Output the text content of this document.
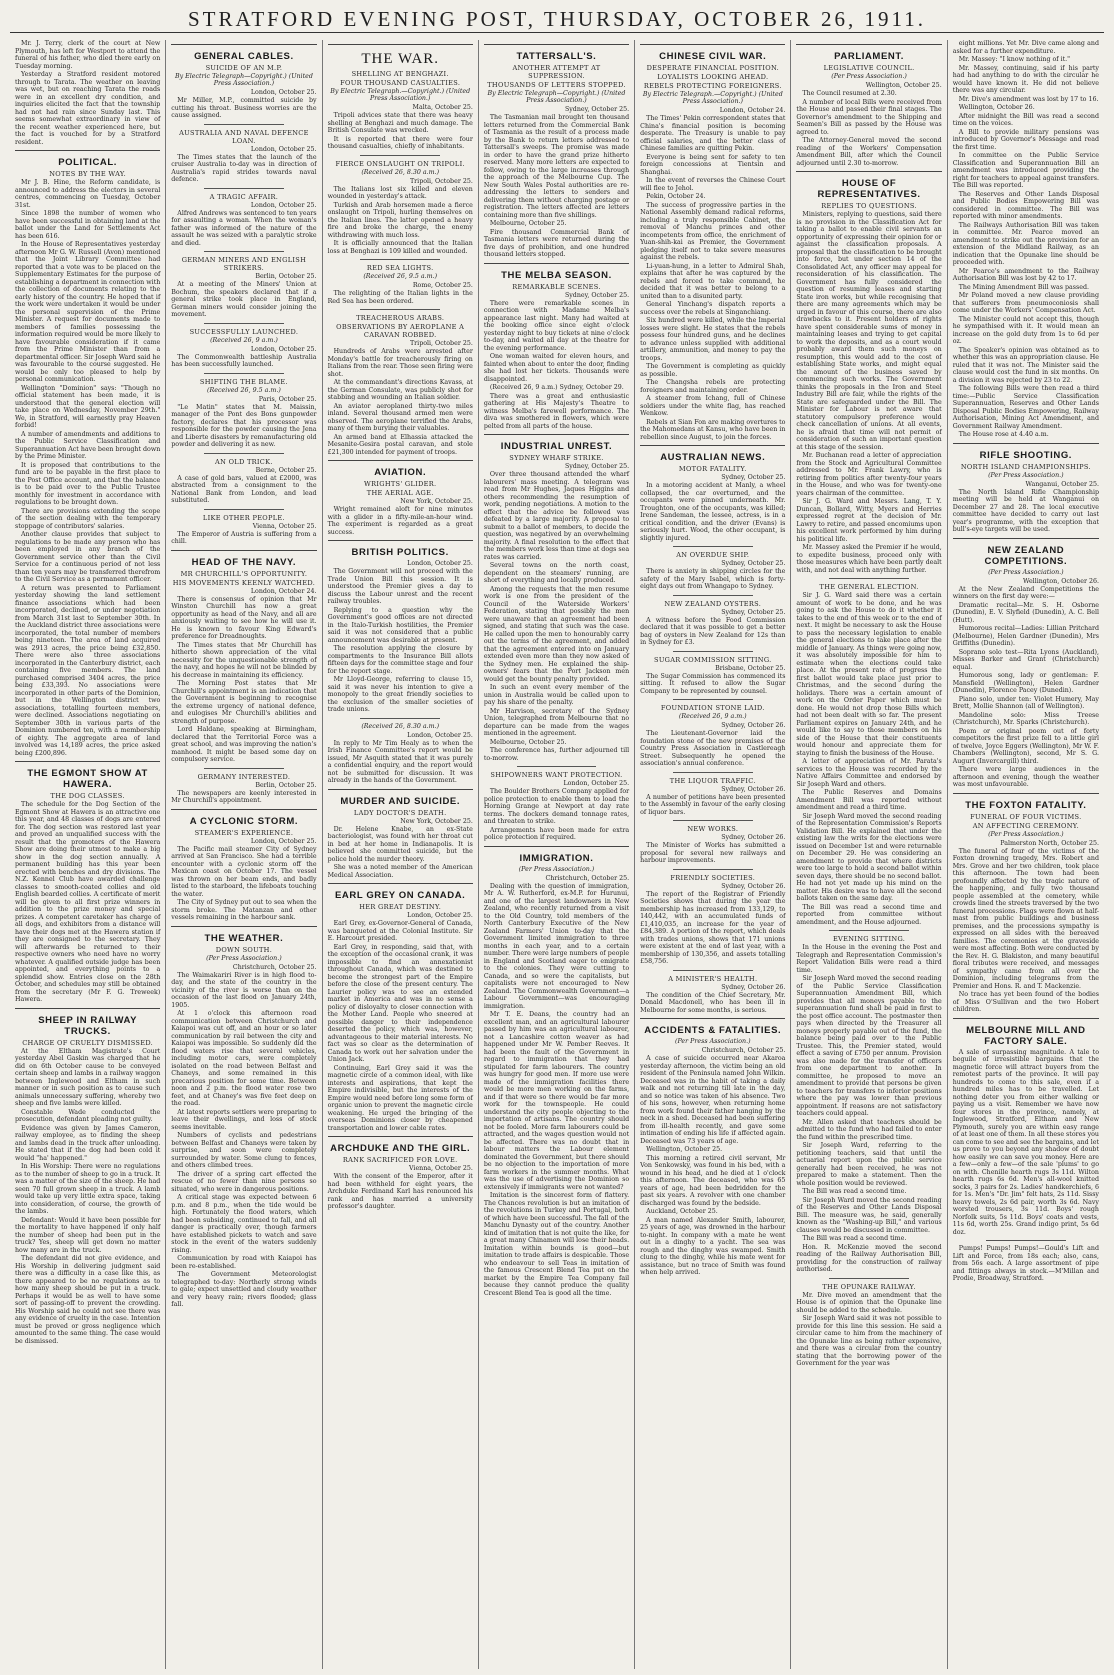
STRATFORD EVENING POST, THURSDAY, OCTOBER 26, 1911.

Mr. J. Terry, clerk of the court at New Plymouth, has left for Westport to attend the funeral of his father, who died there early on Tuesday morning.

Yesterday a Stratford resident motored through to Tarata. The weather on leaving was wet, but on reaching Tarata the roads were in an excellent dry condition, and inquiries elicited the fact that the township had not had rain since Sunday last. This seems somewhat extraordinary in view of the recent weather experienced here, but the fact is vouched for by a Stratford resident.

POLITICAL.
NOTES BY THE WAY.

Mr J. B. Hine, the Reform candidate, is announced to address the electors in several centres, commencing on Tuesday, October 31st.

Since 1898 the number of women who have been successful in obtaining land at the ballot under the Land for Settlements Act has been 616.

In the House of Representatives yesterday afternoon Mr G. W. Russell (Avon) mentioned that the Joint Library Committee had reported that a vote was to be placed on the Supplementary Estimates for the purpose of establishing a department in connection with the collection of documents relating to the early history of the country. He hoped that if the work were undertaken it would be under the personal supervision of the Prime Minister. A request for documents made to members of families possessing the information required would be more likely to have favourable consideration if it came from the Prime Minister than from a departmental officer. Sir Joseph Ward said he was favourable to the course suggested. He would be only too pleased to help by personal communication.

Wellington "Dominion" says: "Though no official statement has been made, it is understood that the general election will take place on Wednesday, November 29th." We, in Stratford, will earnestly pray Heaven forbid!

A number of amendments and additions to the Public Service Classification and Superannuation Act have been brought down by the Prime Minister.

It is proposed that contributions to the fund are to be payable in the first place to the Post Office account, and that the balance is to be paid over to the Public Trustee monthly for investment in accordance with regulations to be brought down.

There are provisions extending the scope of the section dealing with the temporary stoppage of contributors' salaries.

Another clause provides that subject to regulations to be made any person who has been employed in any branch of the Government service other than the Civil Service for a continuous period of not less than ten years may be transferred therefrom to the Civil Service as a permanent officer.

A return was presented to Parliament yesterday showing the land settlement finance associations which had been incorporated, declined, or under negotiation from March 31st last to September 30th. In the Auckland district three associations were incorporated, the total number of members being nineteen. The area of land acquired was 2913 acres, the price being £32,850. There were also three associations incorporated in the Canterbury district, each containing five members. The land purchased comprised 3404 acres, the price being £33,393. No associations were incorporated in other parts of the Dominion, but in the Wellington district two associations, totalling fourteen members, were declined. Associations negotiating on September 30th in various parts of the Dominion numbered ten, with a membership of eighty. The aggregate area of land involved was 14,189 acres, the price asked being £200,896.

THE EGMONT SHOW AT HAWERA.
THE DOG CLASSES.

The schedule for the Dog Section of the Egmont Show at Hawera is an attractive one this year, and 48 classes of dogs are entered for. The dog section was restored last year and proved an unqualified success with the result that the promoters of the Hawera Show are doing their utmost to make a big show in the dog section annually. A permanent building has this year been erected with benches and dry divisions. The N.Z. Kennel Club have awarded challenge classes to smooth-coated collies and old English bearded collies. A certificate of merit will be given to all first prize winners in addition to the prize money and special prizes. A competent caretaker has charge of all dogs, and exhibitors from a distance will have their dogs met at the Hawera station if they are consigned to the secretary. They will afterwards be returned to their respective owners who need have no worry whatever. A qualified outside judge has been appointed, and everything points to a splendid show. Entries close on the 28th October, and schedules may still be obtained from the secretary (Mr F. G. Treweek) Hawera.

SHEEP IN RAILWAY TRUCKS.
CHARGE OF CRUELTY DISMISSED.

At the Eltham Magistrate's Court yesterday Abel Gaskin was charged that he did on 6th October cause to be conveyed certain sheep and lambs in a railway waggon between Inglewood and Eltham in such manner or in such position as to cause such animals unnecessary suffering, whereby two sheep and five lambs were killed.

Constable Wade conducted the prosecution, defendant pleading not guilty.

Evidence was given by James Cameron, railway employee, as to finding the sheep and lambs dead in the truck after unloading. He stated that if the dog had been cold it would "ha' happened."

In His Worship: There were no regulations as to the number of sheep to go in a truck. It was a matter of the size of the sheep. He had seen 70 full grown sheep in a truck. A lamb would take up very little extra space, taking into consideration, of course, the growth of the lambs.

Defendant: Would it have been possible for the mortality to have happened if only half the number of sheep had been put in the truck? Yes, sheep will get down no matter how many are in the truck.

The defendant did not give evidence, and His Worship in delivering judgment said there was a difficulty in a case like this, as there appeared to be no regulations as to how many sheep should be put in a truck. Perhaps it would be as well to have some sort of passing-off to prevent the crowding. His Worship said he could not see there was any evidence of cruelty in the case. Intention must be proved or gross negligence which amounted to the same thing. The case would be dismissed.

GENERAL CABLES.
SUICIDE OF AN M.P.
By Electric Telegraph—Copyright.) (United Press Association.)
London, October 25.

Mr Miller, M.P., committed suicide by cutting his throat. Business worries are the cause assigned.

AUSTRALIA AND NAVAL DEFENCE LOAN.
London, October 25.

The Times states that the launch of the cruiser Australia to-day was in direction of Australia's rapid strides towards naval defence.

A TRAGIC AFFAIR.
London, October 25.

Alfred Andrews was sentenced to ten years for assaulting a woman. When the woman's father was informed of the nature of the assault he was seized with a paralytic stroke and died.

GERMAN MINERS AND ENGLISH STRIKERS.
Berlin, October 25.

At a meeting of the Miners' Union at Bochum, the speakers declared that if a general strike took place in England, German miners would consider joining the movement.

SUCCESSFULLY LAUNCHED.
(Received 26, 9 a.m.)
London, October 25.

The Commonwealth battleship Australia has been successfully launched.

SHIFTING THE BLAME.
(Received 26, 9.5 a.m.)
Paris, October 25.

"Le Matin" states that M. Maissin, manager of the Pont des Bons gunpowder factory, declares that his processor was responsible for the powder causing the Jena and Liberte disasters by remanufacturing old powder and delivering it as new.

AN OLD TRICK.
Berne, October 25.

A case of gold bars, valued at £2000, was abstracted from a consignment to the National Bank from London, and lead substituted.

LIKE OTHER PEOPLE.
Vienna, October 25.

The Emperor of Austria is suffering from a chill.

HEAD OF THE NAVY.
MR CHURCHILL'S OPPORTUNITY.
HIS MOVEMENTS KEENLY WATCHED.
London, October 24.

There is consensus of opinion that Mr Winston Churchill has now a great opportunity as head of the Navy, and all are anxiously waiting to see how he will use it. He is known to favour King Edward's preference for Dreadnoughts.

The Times states that Mr Churchill has hitherto shown appreciation of the vital necessity for the unquestionable strength of the navy, and hopes he will not be blinded by his decrease in maintaining its efficiency.

The Morning Post states that Mr Churchill's appointment is an indication that the Government is beginning to recognise the extreme urgency of national defence, and eulogises Mr Churchill's abilities and strength of purpose.

Lord Haldane, speaking at Birmingham, declared that the Territorial Force was a great school, and was improving the nation's manhood. It might be based some day on compulsory service.

GERMANY INTERESTED.
Berlin, October 25.

The newspapers are keenly interested in Mr Churchill's appointment.

A CYCLONIC STORM.
STEAMER'S EXPERIENCE.
London, October 25.

The Pacific mail steamer City of Sydney arrived at San Francisco. She had a terrible encounter with a cyclonic storm off the Mexican coast on October 17. The vessel was thrown on her beam ends, and badly listed to the starboard, the lifeboats touching the water.

The City of Sydney put out to sea when the storm broke. The Matanzan and other vessels remaining in the harbour sank.

THE WEATHER.
DOWN SOUTH.
(Per Press Association.)
Christchurch, October 25.

The Waimakariri River is in high flood to-day, and the state of the country in the vicinity of the river is worse than on the occasion of the last flood on January 24th, 1905.

At 1 o'clock this afternoon road communication between Christchurch and Kaiapoi was cut off, and an hour or so later communication by rail between the city and Kaiapoi was impossible. So suddenly did the flood waters rise that several vehicles, including motor cars, were completely isolated on the road between Belfast and Chaneys, and some remained in this precarious position for some time. Between noon and 2 p.m. the flood water rose two feet, and at Chaney's was five feet deep on the road.

At latest reports settlers were preparing to leave their dwellings, and loss of stock seems inevitable.

Numbers of cyclists and pedestrians between Belfast and Chaneys were taken by surprise, and soon were completely surrounded by water. Some clung to fences, and others climbed trees.

The driver of a spring cart effected the rescue of no fewer than nine persons so situated, who were in dangerous positions.

A critical stage was expected between 6 p.m. and 8 p.m., when the tide would be high. Fortunately the flood waters, which had been subsiding, continued to fall, and all danger is practically over, though farmers have established pickets to watch and save stock in the event of the waters suddenly rising.

Communication by road with Kaiapoi has been re-established.

The Government Meteorologist telegraphed to-day: Northerly strong winds to gale; expect unsettled and cloudy weather and very heavy rain; rivers flooded; glass fall.

THE WAR.
SHELLING AT BENGHAZI.
FOUR THOUSAND CASUALTIES.
By Electric Telegraph.—Copyright.) (United Press Association.)
Malta, October 25.

Tripoli advices state that there was heavy shelling at Benghazi and much damage. The British Consulate was wrecked.

It is reported that there were four thousand casualties, chiefly of inhabitants.

FIERCE ONSLAUGHT ON TRIPOLI.
(Received 26, 8.30 a.m.)
Tripoli, October 25.

The Italians lost six killed and eleven wounded in yesterday's attack.

Turkish and Arab horsemen made a fierce onslaught on Tripoli, hurling themselves on the Italian lines. The latter opened a heavy fire and broke the charge, the enemy withdrawing with much loss.

It is officially announced that the Italian loss at Benghazi is 109 killed and wounded.

RED SEA LIGHTS.
(Received 26, 9.5 a.m.)
Rome, October 25.

The relighting of the Italian lights in the Red Sea has been ordered.

TREACHEROUS ARABS.
OBSERVATIONS BY AEROPLANE A CARAVAN ROBBED.
Tripoli, October 25.

Hundreds of Arabs were arrested after Monday's battle for treacherously firing on Italians from the rear. Those seen firing were shot.

At the commandant's directions Kavass, at the German Consulate, was publicly shot for stabbing and wounding an Italian soldier.

An aviator aeroplaned thirty-two miles inland. Several thousand armed men were observed. The aeroplane terrified the Arabs, many of them burying their valuables.

An armed band at Elhassia attacked the Mesanite-Gesira postal caravan, and stole £21,300 intended for payment of troops.

AVIATION.
WRIGHTS' GLIDER.
THE AERIAL AGE.
New York, October 25.

Wright remained aloft for nine minutes with a glider in a fifty-mile-an-hour wind. The experiment is regarded as a great success.

BRITISH POLITICS.
London, October 25.

The Government will not proceed with the Trade Union Bill this session. It is understood the Premier gives a day to discuss the Labour unrest and the recent railway troubles.

Replying to a question why the Government's good offices are not directed in the Italo-Turkish hostilities, the Premier said it was not considered that a public announcement was desirable at present.

The resolution applying the closure by compartments to the Insurance Bill allots fifteen days for the committee stage and four for the report stage.

Mr Lloyd-George, referring to clause 15, said it was never his intention to give a monopoly to the great friendly societies to the exclusion of the smaller societies of trade unions.

(Received 26, 8.30 a.m.)
London, October 25.

In reply to Mr Tim Healy as to when the Irish Finance Committee's report would be issued, Mr Asquith stated that it was purely a confidential enquiry, and the report would not be submitted for discussion. It was already in the hands of the Government.

MURDER AND SUICIDE.
LADY DOCTOR'S DEATH.
New York, October 25.

Dr. Helene Knabe, an ex-State bacteriologist, was found with her throat cut in bed at her home in Indianapolis. It is believed she committed suicide, but the police hold the murder theory.

She was a noted member of the American Medical Association.

EARL GREY ON CANADA.
HER GREAT DESTINY.
London, October 25.

Earl Grey, ex-Governor-General of Canada, was banqueted at the Colonial Institute. Sir E. Harcourt presided.

Earl Grey, in responding, said that, with the exception of the occasional crank, it was impossible to find an annexationist throughout Canada, which was destined to become the strongest part of the Empire before the close of the present century. The Laurier policy was to see an extended market in America and was in no sense a policy of disloyalty to closer connection with the Mother Land. People who sneered at possible danger to their independence deserted the policy, which was, however, advantageous to their material interests. No fact was so clear as the determination of Canada to work out her salvation under the Union Jack.

Continuing, Earl Grey said it was the magnetic circle of a common ideal, with like interests and aspirations, that kept the Empire indivisible, but the interests of the Empire would need before long some form of organic union to prevent the magnetic circle weakening. He urged the bringing of the overseas Dominions closer by cheapened transportation and lower cable rates.

ARCHDUKE AND THE GIRL.
RANK SACRIFICED FOR LOVE.
Vienna, October 25.

With the consent of the Emperor, after it had been withheld for eight years, the Archduke Ferdinand Karl has renounced his rank and has married a university professor's daughter.

TATTERSALL'S.
ANOTHER ATTEMPT AT SUPPRESSION.
THOUSANDS OF LETTERS STOPPED.
By Electric Telegraph—Copyright.) (United Press Association.)
Sydney, October 25.

The Tasmanian mail brought ten thousand letters returned from the Commercial Bank of Tasmania as the result of a process made by the Bank to return letters addressed to Tattersall's sweeps. The promise was made in order to have the grand prize hitherto reserved. Many more letters are expected to follow, owing to the large increases through the approach of the Melbourne Cup. The New South Wales Postal authorities are re-addressing the letters to senders and delivering them without charging postage or registration. The letters affected are letters containing more than five shillings.

Melbourne, October 25.

Fire thousand Commercial Bank of Tasmania letters were returned during the five days of prohibition, and one hundred thousand letters stopped.

THE MELBA SEASON.
REMARKABLE SCENES.
Sydney, October 25.

There were remarkable scenes in connection with Madame Melba's appearance last night. Many had waited at the booking office since eight o'clock yesterday night to buy tickets at nine o'clock to-day, and waited all day at the theatre for the evening performance.

One woman waited for eleven hours, and fainted when about to enter the door, finding she had lost her tickets. Thousands were disappointed.

(Received 26, 9 a.m.) Sydney, October 29.

There was a great and enthusiastic gathering at His Majesty's Theatre to witness Melba's farewell performance. The diva was smothered in flowers, which were pelted from all parts of the house.

INDUSTRIAL UNREST.
SYDNEY WHARF STRIKE.
Sydney, October 25.

Over three thousand attended the wharf labourers' mass meeting. A telegram was read from Mr Hughes, Jaques Higgins and others recommending the resumption of work, pending negotiations. A motion to the effect that the advice be followed was defeated by a large majority. A proposal to submit to a ballot of members, to decide the question, was negatived by an overwhelming majority. A final resolution to the effect that the members work less than time at dogs sea rates was carried.

Several towns on the north coast, dependent on the steamers' running, are short of everything and locally produced.

Among the requests that the men resume work is one from the president of the Council of the Waterside Workers' Federation, stating that possibly the men were unaware that an agreement had been signed, and stating that such was the case. He called upon the men to honourably carry out the terms of the agreement, and added that the agreement entered into on January extended even more than they now asked of the Sydney men. He explained the ship-owners' fears that the Port Jackson men would get the bounty penalty provided.

In such an event every member of the union in Australia would be called upon to pay his share of the penalty.

Mr Harvison, secretary of the Sydney Union, telegraphed from Melbourne that no departure can be made from the wages mentioned in the agreement.

Melbourne, October 25.

The conference has, further adjourned till to-morrow.

SHIPOWNERS WANT PROTECTION.
London, October 25.

The Boulder Brothers Company applied for police protection to enable them to load the Horning Grange at Newport at day rate terms. The dockers demand tonnage rates, and threaten to strike.

Arrangements have been made for extra police protection if required.

IMMIGRATION.
(Per Press Association.)
Christchurch, October 25.

Dealing with the question of immigration, Mr A. W. Rutherford, ex-M.P. for Hurunui, and one of the largest landowners in New Zealand, who recently returned from a visit to the Old Country, told members of the North Canterbury Executive of the New Zealand Farmers' Union to-day that the Government limited immigration to three months in each year, and to a certain number. There were large numbers of people in England and Scotland eager to emigrate to the colonies. They were cutting to Canada, and so were the capitalists, but capitalists were not encouraged to New Zealand. The Commonwealth Government—a Labour Government—was encouraging immigration.

Mr T. E. Deans, the country had an excellent man, and an agricultural labourer passed by him was an agricultural labourer, not a Lancashire cotton weaver as had happened under Mr W. Pember Reeves. It had been the fault of the Government in regard to immigration that they had stipulated for farm labourers. The country was hungry for good men. If more use were made of the immigration facilities there would be more men working on the farms, and if that were so there would be far more work for the townspeople. He could understand the city people objecting to the importation of artisans. The country should not be fooled. More farm labourers could be attracted, and the wages question would not be affected. There was no doubt that in labour matters the Labour element dominated the Government, but there should be no objection to the importation of more farm workers in the summer months. What was the use of advertising the Dominion so extensively if immigrants were not wanted?

Imitation is the sincerest form of flattery. The Chances revolution is but an imitation of the revolutions in Turkey and Portugal, both of which have been successful. The fall of the Manchu Dynasty out of the country. Another kind of imitation that is not quite the like, for a great many Chinamen will lose their heads. Imitation within bounds is good—but imitation to trade affairs is despicable. Those who endeavour to sell Teas in imitation of the famous Crescent Blend Tea put on the market by the Empire Tea Company fail because they cannot produce the quality Crescent Blend Tea is good all the time.

CHINESE CIVIL WAR.
DESPERATE FINANCIAL POSITION.
LOYALISTS LOOKING AHEAD.
REBELS PROTECTING FOREIGNERS.
By Electric Telegraph.—Copyright.) (United Press Association.)
London, October 24.

The Times' Pekin correspondent states that China's financial position is becoming desperate. The Treasury is unable to pay official salaries, and the better class of Chinese families are quitting Pekin.

Everyone is being sent for safety to ten foreign concessions at Tientsin and Shanghai.

In the event of reverses the Chinese Court will flee to Jehol.

Pekin, October 24.

The success of progressive parties in the National Assembly demand radical reforms, including a truly responsible Cabinet, the removal of Manchu princes and other incompetents from office, the enrichment of Yuan-shih-kai as Premier, the Government pledging itself not to take severe measures against the rebels.

Li-yuan-hung, in a letter to Admiral Shah, explains that after he was captured by the rebels and forced to take command, he decided that it was better to belong to a united than to a disunited party.

General Yinchang's dispatch reports a success over the rebels at Singanchiang.

Six hundred were killed, while the Imperial losses were slight. He states that the rebels possess four hundred guns, and he declines to advance unless supplied with additional artillery, ammunition, and money to pay the troops.

The Government is completing as quickly as possible.

The Changsha rebels are protecting foreigners and maintaining order.

A steamer from Ichang, full of Chinese soldiers under the white flag, has reached Wenkow.

Rebels at Sian Fon are making overtures to the Mahomedans at Kansu, who have been in rebellion since August, to join the forces.

AUSTRALIAN NEWS.
MOTOR FATALITY.
Sydney, October 25.

In a motoring accident at Manly, a wheel collapsed, the car overturned, and the occupants were pinned underneath. Mr. Troughton, one of the occupants, was killed; Irene Sandeman, the lessee, actress, is in a critical condition, and the driver (Evans) is seriously hurt. Wood, the other occupant, is slightly injured.

AN OVERDUE SHIP.
Sydney, October 25.

There is anxiety in shipping circles for the safety of the Mary Isabel, which is forty-eight days out from Whangapo to Sydney.

NEW ZEALAND OYSTERS.
Sydney, October 25.

A witness before the Food Commission declared that it was possible to get a better bag of oysters in New Zealand for 12s than in Sydney for £3.

SUGAR COMMISSION SITTING.
Brisbane, October 25.

The Sugar Commission has commenced its sitting. It refused to allow the Sugar Company to be represented by counsel.

FOUNDATION STONE LAID.
(Received 26, 9 a.m.)
Sydney, October 26.

The Lieutenant-Governor laid the foundation stone of the new premises of the Country Press Association in Castlereagh Street. Subsequently he opened the association's annual conference.

THE LIQUOR TRAFFIC.
Sydney, October 26.

A number of petitions have been presented to the Assembly in favour of the early closing of liquor bars.

NEW WORKS.
Sydney, October 26.

The Minister of Works has submitted a proposal for several new railways and harbour improvements.

FRIENDLY SOCIETIES.
Sydney, October 26.

The report of the Registrar of Friendly Societies shows that during the year the membership has increased from 133,129, to 140,442, with an accumulated funds of £1,410,035, an increase for the year of £84,389. A portion of the report, which deals with trades unions, shows that 171 unions were existent at the end of last year, with a membership of 130,356, and assets totalling £58,756.

A MINISTER'S HEALTH.
Sydney, October 26.

The condition of the Chief Secretary, Mr. Donald Macdonell, who has been ill in Melbourne for some months, is serious.

ACCIDENTS & FATALITIES.
(Per Press Association.)
Christchurch, October 25.

A case of suicide occurred near Akaroa yesterday afternoon, the victim being an old resident of the Peninsula named John Wilkin. Deceased was in the habit of taking a daily walk and not returning till late in the day, and so notice was taken of his absence. Two of his sons, however, when returning home from work found their father hanging by the neck in a shed. Deceased had been suffering from ill-health recently, and gave some intimation of ending his life if affected again. Deceased was 73 years of age.

Wellington, October 25.

This morning a retired civil servant, Mr Von Senkowsky, was found in his bed, with a wound in his head, and he died at 1 o'clock this afternoon. The deceased, who was 65 years of age, had been bedridden for the past six years. A revolver with one chamber discharged was found by the bedside.

Auckland, October 25.

A man named Alexander Smith, labourer, 25 years of age, was drowned in the harbour to-night. In company with a mate he went out in a dinghy to a yacht. The sea was rough and the dinghy was swamped. Smith clung to the dinghy, while his mate went for assistance, but no trace of Smith was found when help arrived.

PARLIAMENT.
LEGISLATIVE COUNCIL.
(Per Press Association.)
Wellington, October 25.

The Council resumed at 2.30.

A number of local Bills were received from the House and passed their final stages. The Governor's amendment to the Shipping and Seamen's Bill as passed by the House was agreed to.

The Attorney-General moved the second reading of the Workers' Compensation Amendment Bill, after which the Council adjourned until 2.30 to-morrow.

HOUSE OF REPRESENTATIVES.
REPLIES TO QUESTIONS.

Ministers, replying to questions, said there is no provision in the Classification Act for taking a ballot to enable civil servants an opportunity of expressing their opinion for or against the classification proposals. A proposal that the classification to be brought into force, but under section 14 of the Consolidated Act, any officer may appeal for reconsideration of his classification. The Government has fully considered the question of resuming leases and starting State iron works, but while recognising that there are many agreements which may be urged in favour of this course, there are also drawbacks to it. Present holders of rights have spent considerable sums of money in maintaining leases and trying to get capital to work the deposits, and as a court would probably award them such moneys on resumption, this would add to the cost of establishing State works, and might equal the amount of the business saved by commencing such works. The Government thinks the proposals in the Iron and Steel Industry Bill are fair, while the rights of the State are safeguarded under the Bill. The Minister for Labour is not aware that statutory compulsory preference would check cancellation of unions. At all events, he is afraid that time will not permit of consideration of such an important question at this stage of the session.

Mr. Buchanan read a letter of appreciation from the Stock and Agricultural Committee addressed to Mr. Frank Lawry, who is retiring from politics after twenty-four years in the House, and who was for twenty-one years chairman of the committee.

Sir J. G. Ward and Messrs. Lang, T. Y. Duncan, Bollard, Witty, Myers and Herries expressed regret at the decision of Mr. Lawry to retire, and passed encomiums upon his excellent work performed by him during his political life.

Mr. Massey asked the Premier if he would, to expedite business, proceed only with those measures which have been partly dealt with, and not deal with anything further.

THE GENERAL ELECTION.

Sir J. G. Ward said there was a certain amount of work to be done, and he was going to ask the House to do it whether it takes to the end of this week or to the end of next. It might be necessary to ask the House to pass the necessary legislation to enable the general elections to take place after the middle of January. As things were going now, it was absolutely impossible for him to estimate when the elections could take place. At the present rate of progress the first ballot would take place just prior to Christmas, and the second during the holidays. There was a certain amount of work on the Order Paper which must be done. He would not drop those Bills which had not been dealt with so far. The present Parliament expires on January 24th, and he would like to say to those members on his side of the House that their constituents would honour and appreciate them for staying to finish the business of the House.

A letter of appreciation of Mr. Parata's services to the House was recorded by the Native Affairs Committee and endorsed by Sir Joseph Ward and others.

The Public Reserves and Domains Amendment Bill was reported without amendment and read a third time.

Sir Joseph Ward moved the second reading of the Representation Commission's Reports Validation Bill. He explained that under the existing law the writs for the elections were issued on December 1st and were returnable on December 29. He was considering an amendment to provide that where districts were too large to hold a second ballot within seven days, there should be no second ballot. He had not yet made up his mind on the matter. His desire was to have all the second ballots taken on the same day.

The Bill was read a second time and reported from committee without amendment, and the House adjourned.

EVENING SITTING.

In the House in the evening the Post and Telegraph and Representation Commission's Report Validation Bills were read a third time.

Sir Joseph Ward moved the second reading of the Public Service Classification Superannuation Amendment Bill, which provides that all moneys payable to the superannuation fund shall be paid in first to the post office account. The postmaster then pays when directed by the Treasurer all moneys properly payable out of the fund, the balance being paid over to the Public Trustee. This, the Premier stated, would effect a saving of £750 per annum. Provision was also made for the transfer of officers from one department to another. In committee, he proposed to move an amendment to provide that persons be given to teachers for transfers to inferior positions where the pay was lower than previous appointment. If reasons are not satisfactory teachers could appeal.

Mr. Allen asked that teachers should be admitted to the fund who had failed to enter the fund within the prescribed time.

Sir Joseph Ward, referring to the petitioning teachers, said that until the actuarial report upon the public service generally had been received, he was not prepared to make a statement. Then the whole position would be reviewed.

The Bill was read a second time.

Sir Joseph Ward moved the second reading of the Reserves and Other Lands Disposal Bill. The measure was, he said, generally known as the "Washing-up Bill," and various clauses would be discussed in committee.

The Bill was read a second time.

Hon. R. McKenzie moved the second reading of the Railway Authorisation Bill, providing for the construction of railway authorised.

THE OPUNAKE RAILWAY.

Mr. Dive moved an amendment that the House is of opinion that the Opunake line should be added to the schedule.

Sir Joseph Ward said it was not possible to provide for this line this session. He said a circular came to him from the machinery of the Opunake line as being rather expensive, and there was a circular from the country stating that the borrowing power of the Government for the year was

eight millions. Yet Mr. Dive came along and asked for a further expenditure.

Mr. Massey: "I know nothing of it."

Mr. Massey, continuing, said if his party had had anything to do with the circular he would have known it. He did not believe there was any circular.

Mr. Dive's amendment was lost by 17 to 16.

Wellington, October 26.

After midnight the Bill was read a second time on the voices.

A Bill to provide military pensions was introduced by Governor's Message and read the first time.

In committee on the Public Service Classification and Superannuation Bill an amendment was introduced providing the right for teachers to appeal against transfers. The Bill was reported.

The Reserves and Other Lands Disposal and Public Bodies Empowering Bill was considered in committee. The Bill was reported with minor amendments.

The Railways Authorisation Bill was taken in committee. Mr. Pearce moved an amendment to strike out the provision for an extension of the Midland Railway, as an indication that the Opunake line should be proceeded with.

Mr Pearce's amendment to the Railway Authorisation Bill was lost by 42 to 17.

The Mining Amendment Bill was passed.

Mr Poland moved a new clause providing that sufferers from pneumoconiosis shall come under the Workers' Compensation Act.

The Minister could not accept this, though he sympathised with it. It would mean an increase on the gold duty from 1s to 6d per oz.

The Speaker's opinion was obtained as to whether this was an appropriation clause. He ruled that it was not. The Minister said the clause would cost the fund in six months. On a division it was rejected by 23 to 22.

The following Bills were then read a third time:—Public Service Classification Superannuation, Reserves and Other Lands Disposal Public Bodies Empowering, Railway Authorisation, Mining Act Amendment, and Government Railway Amendment.

The House rose at 4.40 a.m.

RIFLE SHOOTING.
NORTH ISLAND CHAMPIONSHIPS.
(Per Press Association.)
Wanganui, October 25.

The North Island Rifle Championship meeting will be held at Wanganui on December 27 and 28. The local executive committee have decided to carry out last year's programme, with the exception that bull's-eye targets will be used.

NEW ZEALAND COMPETITIONS.
(Per Press Association.)
Wellington, October 26.

At the New Zealand Competitions the winners on the first day were:—

Dramatic recital—Mr. S. H. Osborne (Dunedin), E. V. Slyfield (Dunedin), A. C. Bell (Hutt).

Humorous recital—Ladies: Lillian Pritchard (Melbourne), Helen Gardner (Dunedin), Mrs Griffiths (Dunedin).

Soprano solo test—Rita Lyons (Auckland), Misses Barker and Grant (Christchurch) equal.

Humorous song, lady or gentleman: F. Mansfield (Wellington), Helen Gardner (Dunedin), Florence Pacey (Dunedin).

Piano solo, under ten: Violet Humery, May Brett, Mollie Shannon (all of Wellington).

Mandoline solo: Miss Treese (Christchurch), Mr. Sparks (Christchurch).

Poem or original poem out of forty competitors the first prize fell to a little girl of twelve, Joyce Eggers (Wellington), Mr W. F. Chambers (Wellington), second, Mr S. G. Augurt (Invercargill) third.

There were large audiences in the afternoon and evening, though the weather was most unfavourable.

THE FOXTON FATALITY.
FUNERAL OF FOUR VICTIMS.
AN AFFECTING CEREMONY.
(Per Press Association.)
Palmerston North, October 25.

The funeral of four of the victims of the Foxton drowning tragedy, Mrs. Robert and Mrs. Grove and her two children, took place this afternoon. The town had been profoundly affected by the tragic nature of the happening, and fully two thousand people assembled at the cemetery, while crowds lined the streets traversed by the two funeral processions. Flags were flown at half-mast from public buildings and business premises, and the processions sympathy is expressed on all sides with the bereaved families. The ceremonies at the graveside were most affecting. Both were conducted by the Rev. H. G. Blakiston, and many beautiful floral tributes were received, and messages of sympathy came from all over the Dominion, including telegrams from the Premier and Hons. R. and T. Mackenzie.

No trace has yet been found of the bodies of Miss O'Sullivan and the two Hobert children.

MELBOURNE MILL AND FACTORY SALE.

A sale of surpassing magnitude. A tale to beguile of irresistible bargains that the magnetic force will attract buyers from the remotest parts of the province. It will pay hundreds to come to this sale, even if a hundred miles has to be travelled. Let nothing deter you from either walking or paying us a visit. Remember we have now four stores in the province, namely, at Inglewood, Stratford, Eltham and New Plymouth, surely you are within easy range of at least one of them. In all these stores you can come to see and see the bargains, and let us prove to you beyond any shadow of doubt how easily we can save you money. Here are a few—only a few—of the sale 'plums' to go on with. Chenille hearth rugs 3s 11d. Wilton hearth rugs 6s 6d. Men's all-wool knitted socks, 3 pairs for 2s. Ladies' handkerchiefs, 6 for 1s. Men's "Dr. Jim" felt hats, 2s 11d. Sissy heavy towels, 2s 6d pair, worth 3s 6d. Navy worsted trousers, 3s 11d. Boys' rough Norfolk suits, 5s 11d. Boys' coats and vests, 11s 6d, worth 25s. Grand indigo print, 5s 6d doz.

Pumps! Pumps! Pumps!—Gould's Lift and Lift and Force, from 18s each; also, cans, from 56s each. A large assortment of pipe and fittings always in stock.—M'Millan and Prodie, Broadway, Stratford.
